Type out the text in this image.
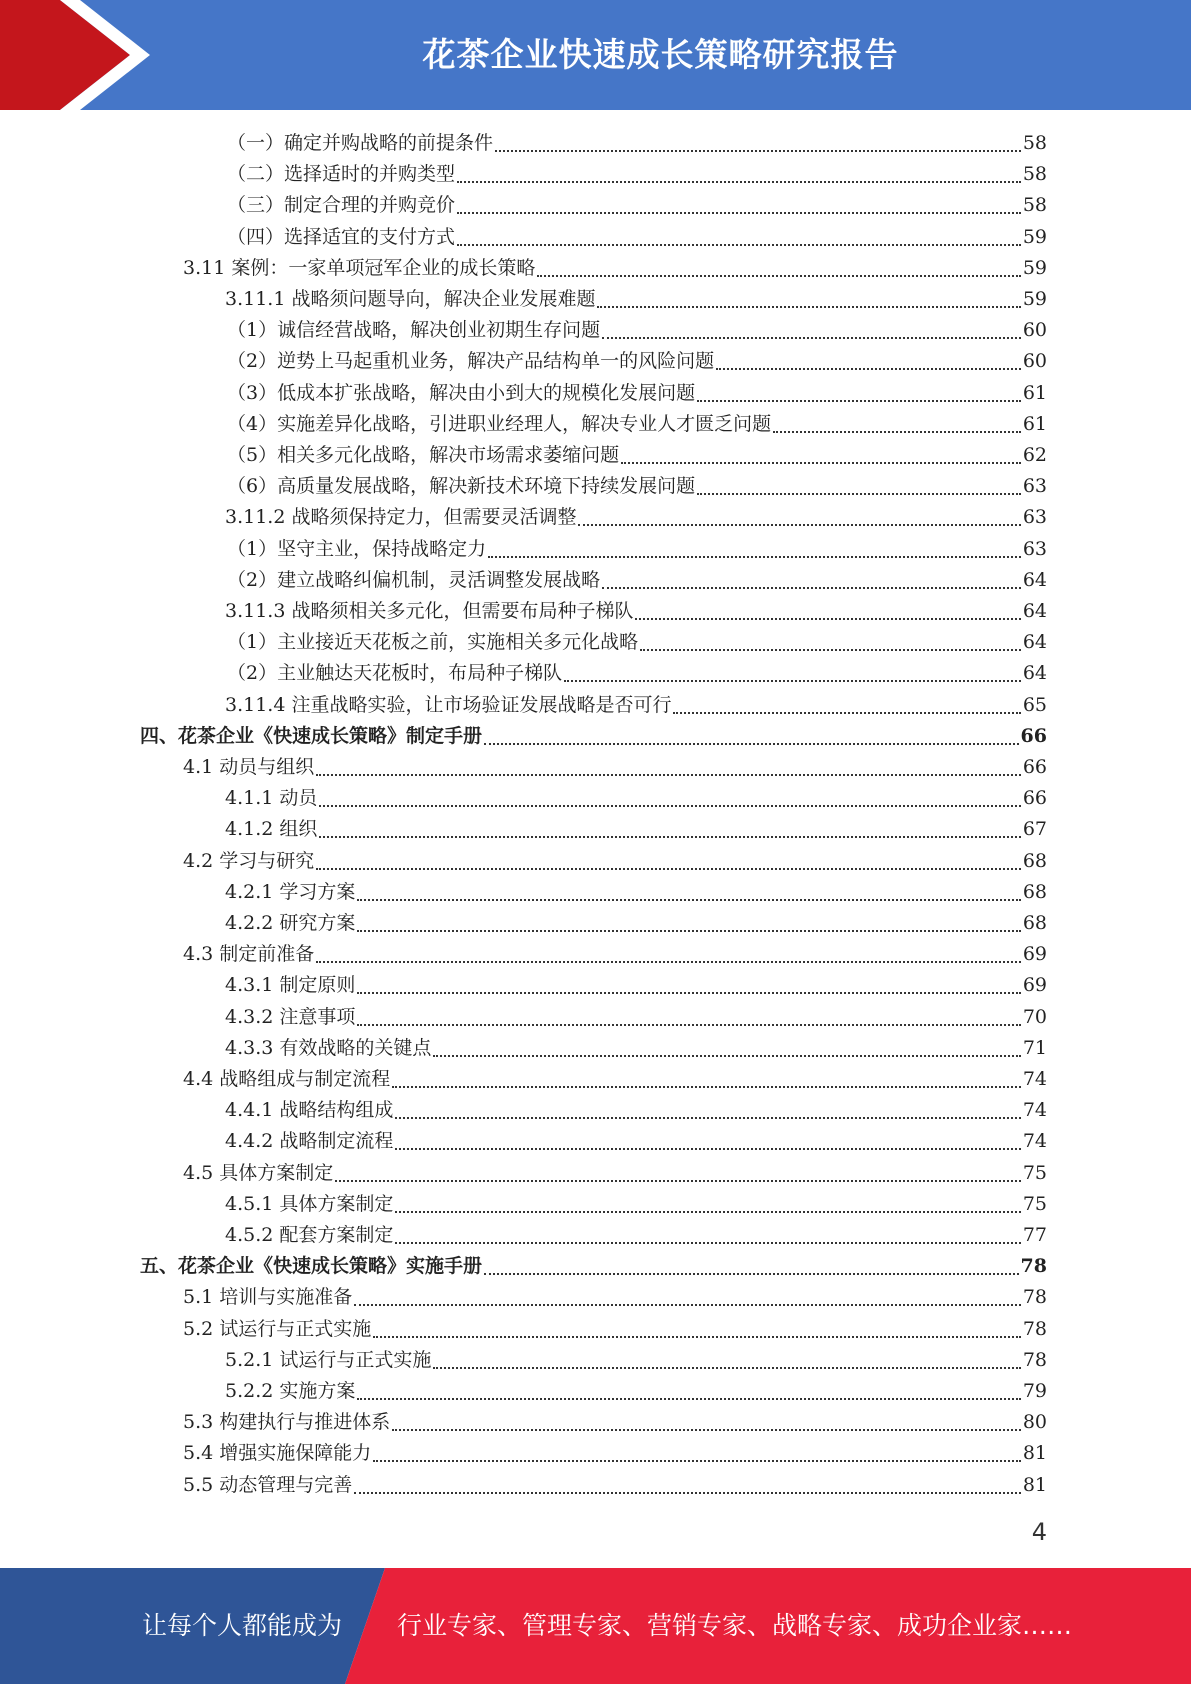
花茶企业快速成长策略研究报告
（一）确定并购战略的前提条件	58
（二）选择适时的并购类型	58
（三）制定合理的并购竞价	58
（四）选择适宜的支付方式	59
3.11 案例：一家单项冠军企业的成长策略	59
3.11.1 战略须问题导向，解决企业发展难题	59
（1）诚信经营战略，解决创业初期生存问题	60
（2）逆势上马起重机业务，解决产品结构单一的风险问题	60
（3）低成本扩张战略，解决由小到大的规模化发展问题	61
（4）实施差异化战略，引进职业经理人，解决专业人才匮乏问题	61
（5）相关多元化战略，解决市场需求萎缩问题	62
（6）高质量发展战略，解决新技术环境下持续发展问题	63
3.11.2 战略须保持定力，但需要灵活调整	63
（1）坚守主业，保持战略定力	63
（2）建立战略纠偏机制，灵活调整发展战略	64
3.11.3 战略须相关多元化，但需要布局种子梯队	64
（1）主业接近天花板之前，实施相关多元化战略	64
（2）主业触达天花板时，布局种子梯队	64
3.11.4 注重战略实验，让市场验证发展战略是否可行	65
四、花茶企业《快速成长策略》制定手册	66
4.1 动员与组织	66
4.1.1 动员	66
4.1.2 组织	67
4.2 学习与研究	68
4.2.1 学习方案	68
4.2.2 研究方案	68
4.3 制定前准备	69
4.3.1 制定原则	69
4.3.2 注意事项	70
4.3.3 有效战略的关键点	71
4.4 战略组成与制定流程	74
4.4.1 战略结构组成	74
4.4.2 战略制定流程	74
4.5 具体方案制定	75
4.5.1 具体方案制定	75
4.5.2 配套方案制定	77
五、花茶企业《快速成长策略》实施手册	78
5.1 培训与实施准备	78
5.2 试运行与正式实施	78
5.2.1 试运行与正式实施	78
5.2.2 实施方案	79
5.3 构建执行与推进体系	80
5.4 增强实施保障能力	81
5.5 动态管理与完善	81
4
让每个人都能成为 行业专家、管理专家、营销专家、战略专家、成功企业家……
